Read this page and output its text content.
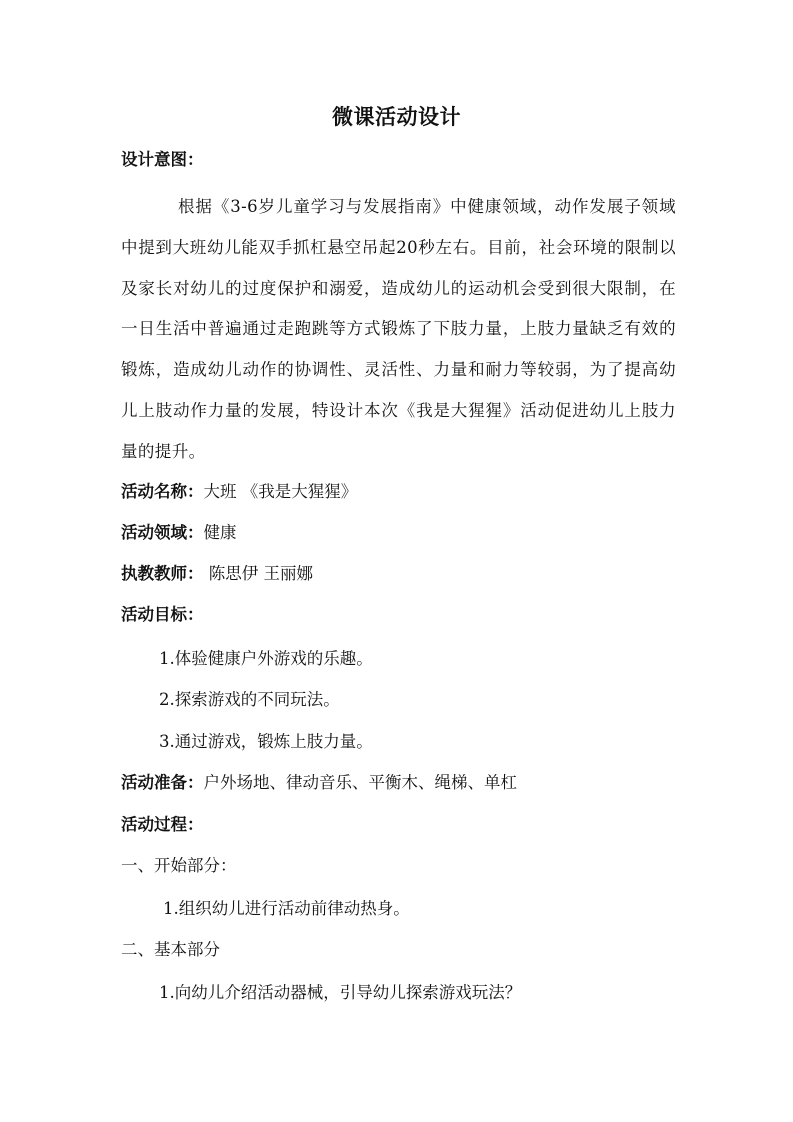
微课活动设计
设计意图：
根据《3-6岁儿童学习与发展指南》中健康领域，动作发展子领域中提到大班幼儿能双手抓杠悬空吊起20秒左右。目前，社会环境的限制以及家长对幼儿的过度保护和溺爱，造成幼儿的运动机会受到很大限制，在一日生活中普遍通过走跑跳等方式锻炼了下肢力量，上肢力量缺乏有效的锻炼，造成幼儿动作的协调性、灵活性、力量和耐力等较弱，为了提高幼儿上肢动作力量的发展，特设计本次《我是大猩猩》活动促进幼儿上肢力量的提升。
活动名称：大班 《我是大猩猩》
活动领域：健康
执教教师： 陈思伊 王丽娜
活动目标：
1.体验健康户外游戏的乐趣。
2.探索游戏的不同玩法。
3.通过游戏，锻炼上肢力量。
活动准备：户外场地、律动音乐、平衡木、绳梯、单杠
活动过程：
一、开始部分：
1.组织幼儿进行活动前律动热身。
二、基本部分
1.向幼儿介绍活动器械，引导幼儿探索游戏玩法？
